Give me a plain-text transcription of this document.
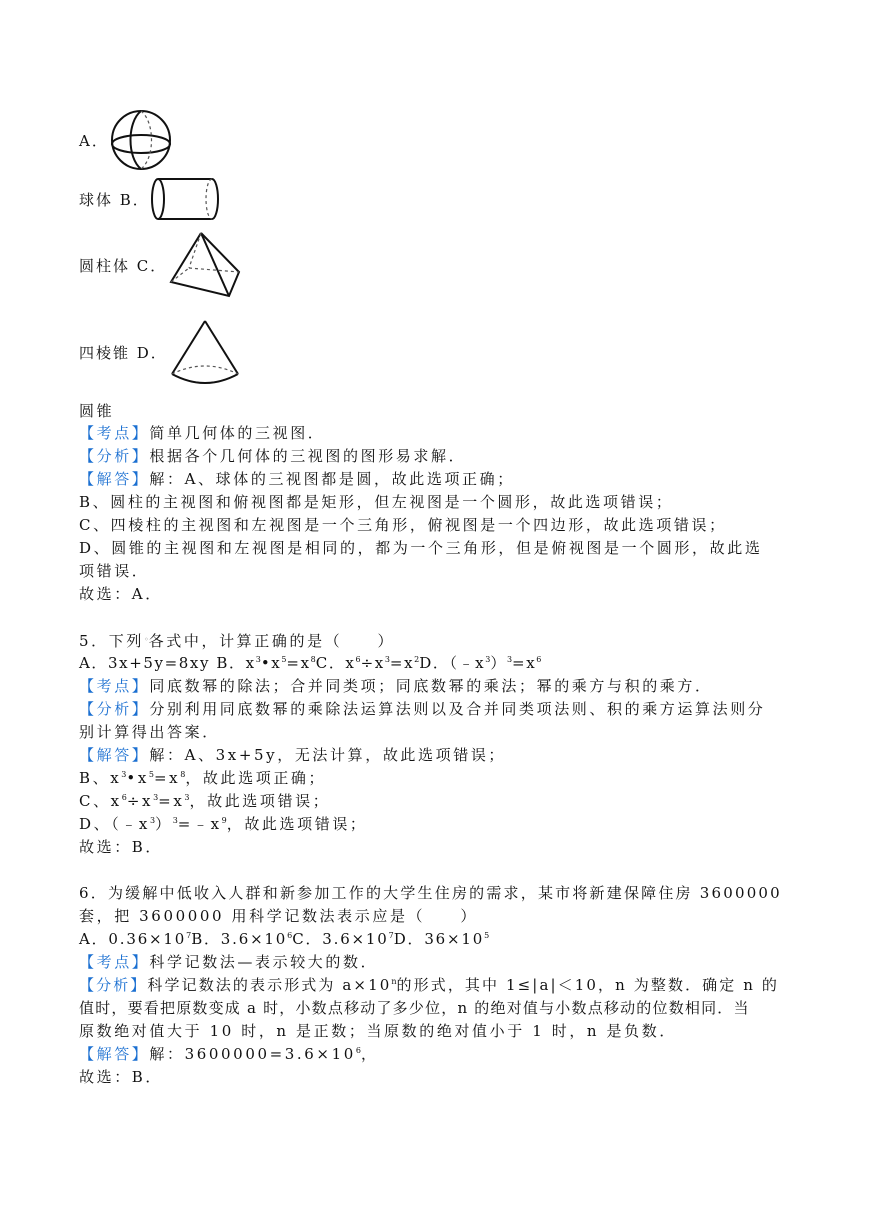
A．
球体 B．
圆柱体 C．
四棱锥 D．
圆锥
【考点】简单几何体的三视图．
【分析】根据各个几何体的三视图的图形易求解．
【解答】解：A、球体的三视图都是圆，故此选项正确；
B、圆柱的主视图和俯视图都是矩形，但左视图是一个圆形，故此选项错误；
C、四棱柱的主视图和左视图是一个三角形，俯视图是一个四边形，故此选项错误；
D、圆锥的主视图和左视图是相同的，都为一个三角形，但是俯视图是一个圆形，故此选
项错误．
故选：A．
5．下列◦各式中，计算正确的是（　　）
A．3x+5y=8xy B．$x^3•x^5=x^8C$．$x^6\div x^3=x^2D$．$(﹣x^3)^3=x^6$
【考点】同底数幂的除法；合并同类项；同底数幂的乘法；幂的乘方与积的乘方．
【分析】分别利用同底数幂的乘除法运算法则以及合并同类项法则、积的乘方运算法则分
别计算得出答案．
【解答】解：A、3x+5y，无法计算，故此选项错误；
B、$x^3•x^5=x^8$，故此选项正确；
C、$x^6\div x^3=x^3$，故此选项错误；
D、$(﹣x^3)^3=﹣x^9$，故此选项错误；
故选：B．
6．为缓解中低收入人群和新参加工作的大学生住房的需求，某市将新建保障住房 3600000
套，把 3600000 用科学记数法表示应是（　　）
A．$0.36\times 10^7B$．$3.6\times 10^6C$．$3.6\times 10^7D$．$36\times 10^5$
【考点】科学记数法—表示较大的数．
【分析】科学记数法的表示形式为 $a\times 10^n$的形式，其中 1≤|a|＜10，n 为整数．确定 n 的
值时，要看把原数变成 a 时，小数点移动了多少位，n 的绝对值与小数点移动的位数相同．当
原数绝对值大于 10 时，n 是正数；当原数的绝对值小于 1 时，n 是负数．
【解答】解：$3600000=3.6\times 10^6$，
故选：B．
